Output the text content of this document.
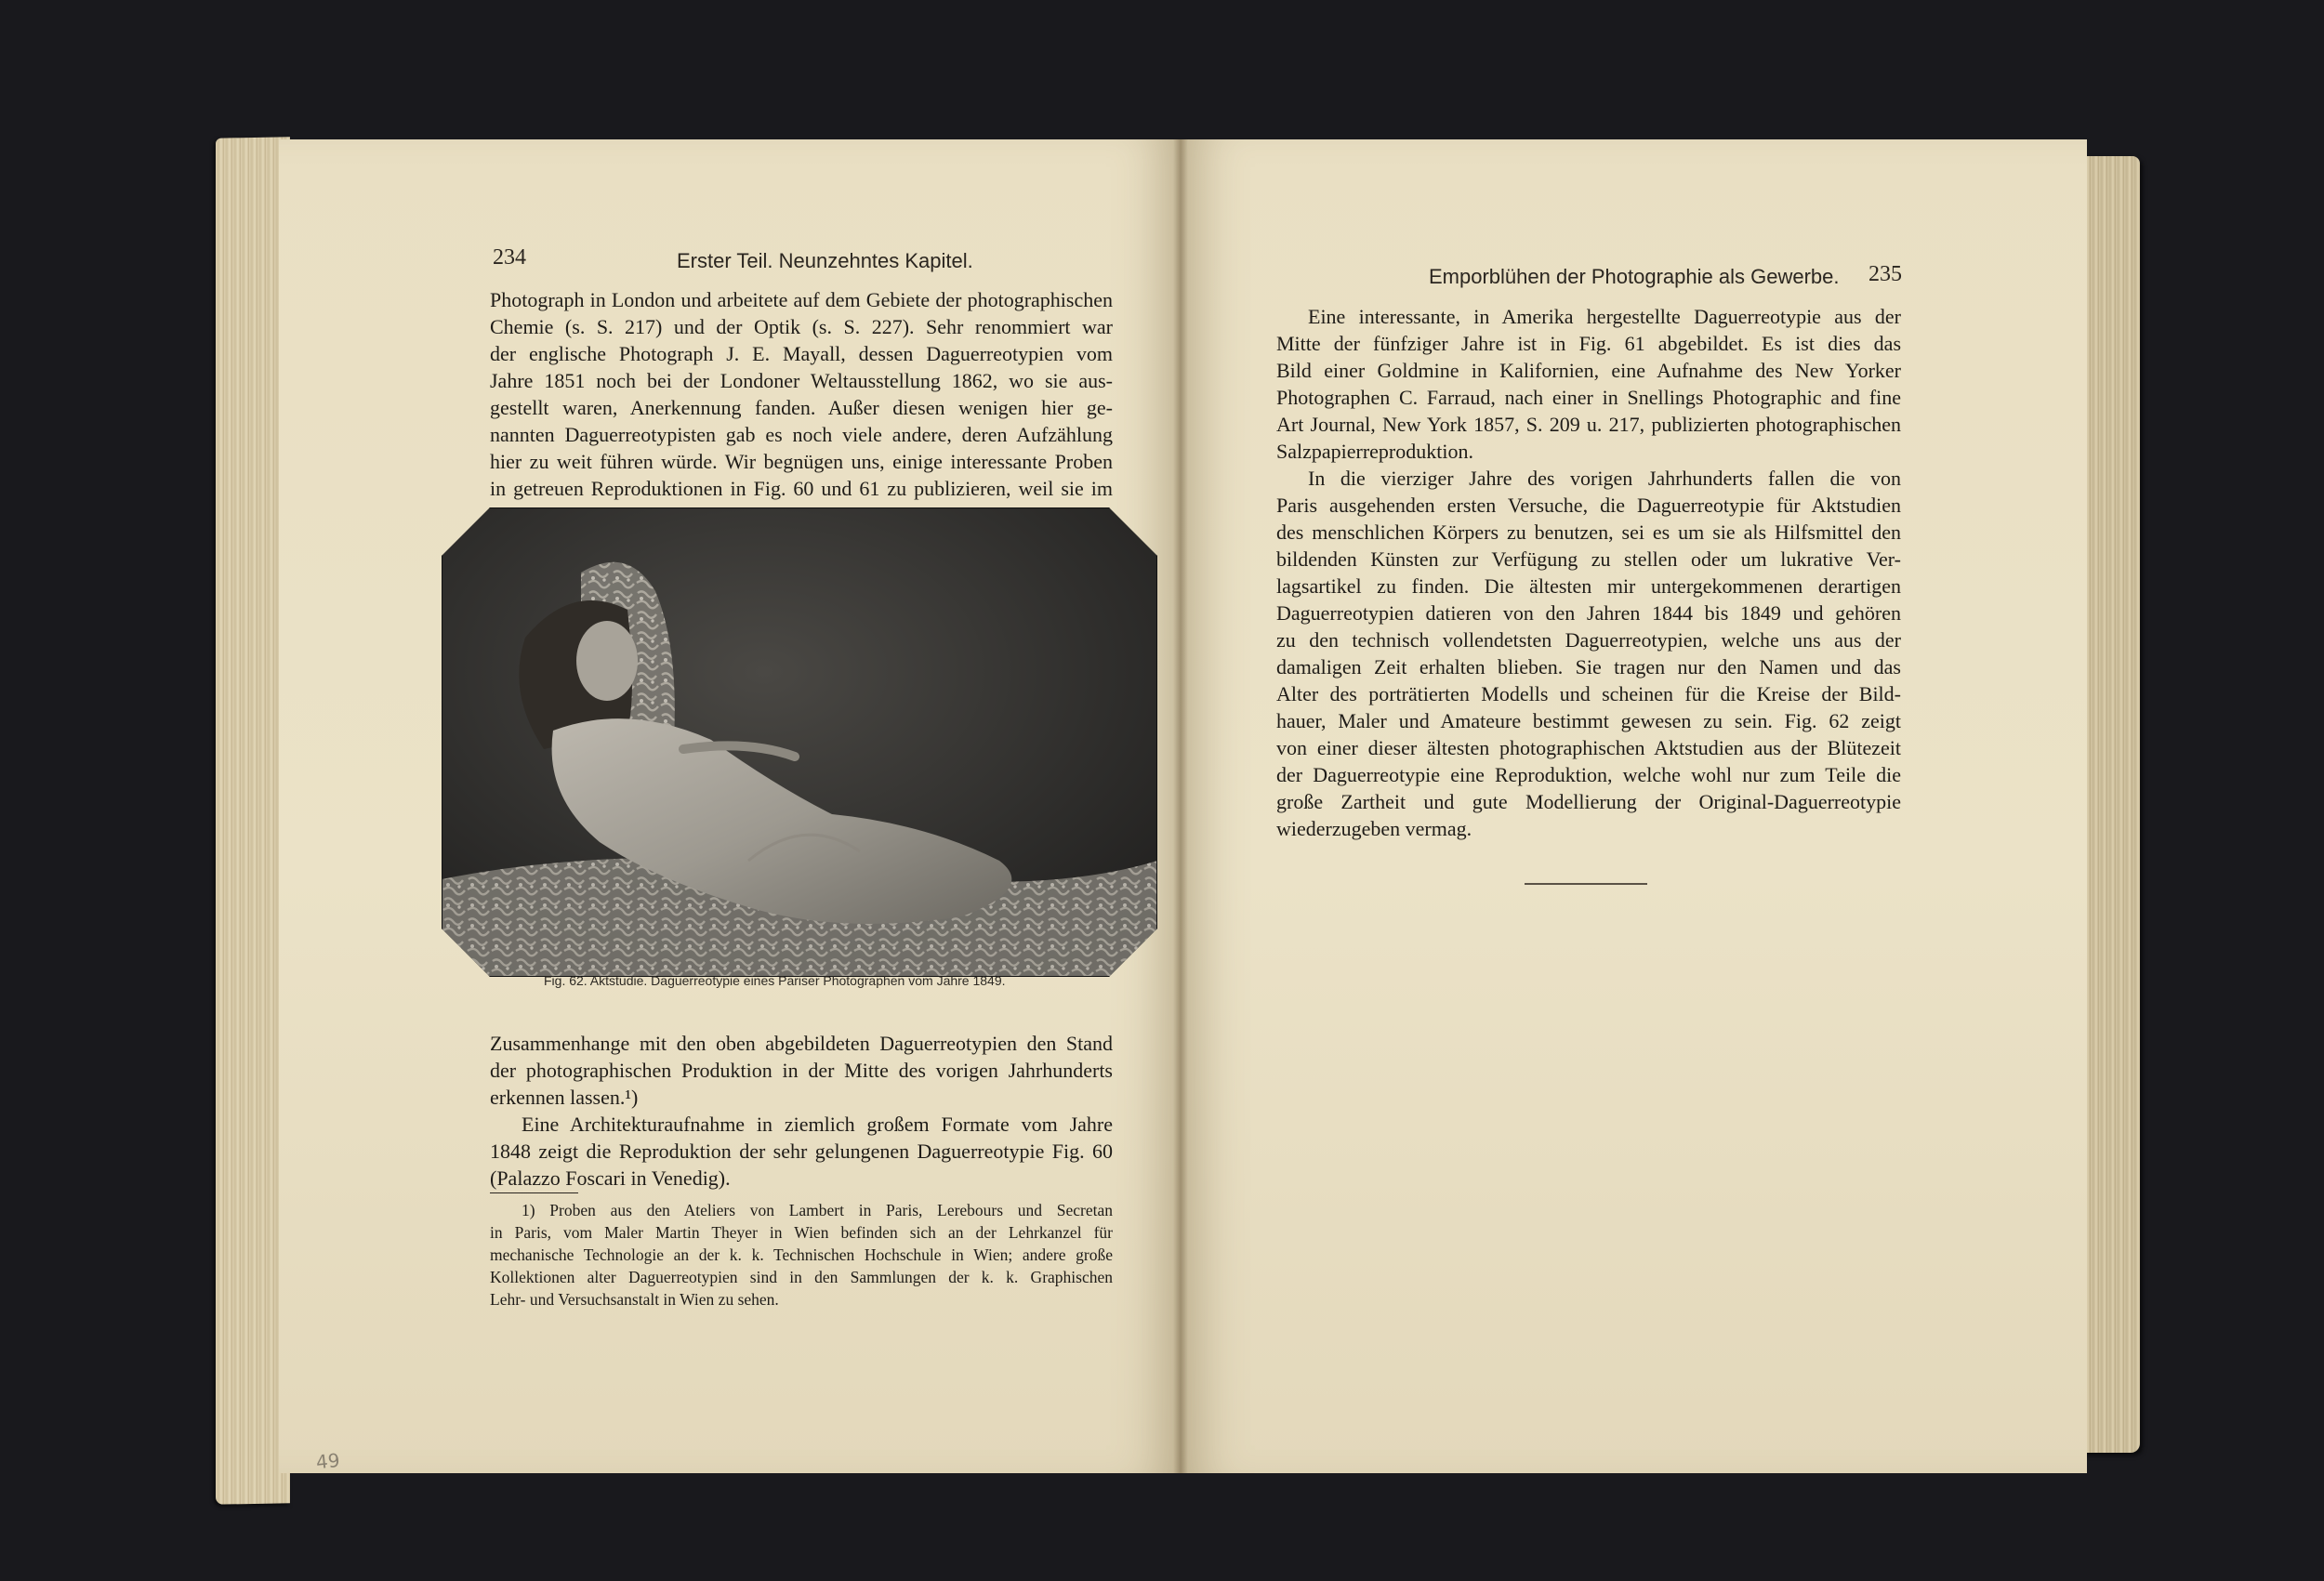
234	Erster Teil. Neunzehntes Kapitel.
Photograph in London und arbeitete auf dem Gebiete der photographischen
Chemie (s. S. 217) und der Optik (s. S. 227). Sehr renommiert war
der englische Photograph J. E. Mayall, dessen Daguerreotypien vom
Jahre 1851 noch bei der Londoner Weltausstellung 1862, wo sie aus-
gestellt waren, Anerkennung fanden. Außer diesen wenigen hier ge-
nannten Daguerreotypisten gab es noch viele andere, deren Aufzählung
hier zu weit führen würde. Wir begnügen uns, einige interessante Proben
in getreuen Reproduktionen in Fig. 60 und 61 zu publizieren, weil sie im
Fig. 62. Aktstudie. Daguerreotypie eines Pariser Photographen vom Jahre 1849.
Zusammenhange mit den oben abgebildeten Daguerreotypien den Stand
der photographischen Produktion in der Mitte des vorigen Jahrhunderts
erkennen lassen.¹)
Eine Architekturaufnahme in ziemlich großem Formate vom Jahre
1848 zeigt die Reproduktion der sehr gelungenen Daguerreotypie Fig. 60
(Palazzo Foscari in Venedig).
1) Proben aus den Ateliers von Lambert in Paris, Lerebours und Secretan
in Paris, vom Maler Martin Theyer in Wien befinden sich an der Lehrkanzel für
mechanische Technologie an der k. k. Technischen Hochschule in Wien; andere große
Kollektionen alter Daguerreotypien sind in den Sammlungen der k. k. Graphischen
Lehr- und Versuchsanstalt in Wien zu sehen.
49
Emporblühen der Photographie als Gewerbe. 235
Eine interessante, in Amerika hergestellte Daguerreotypie aus der
Mitte der fünfziger Jahre ist in Fig. 61 abgebildet. Es ist dies das
Bild einer Goldmine in Kalifornien, eine Aufnahme des New Yorker
Photographen C. Farraud, nach einer in Snellings Photographic and fine
Art Journal, New York 1857, S. 209 u. 217, publizierten photographischen
Salzpapierreproduktion.
In die vierziger Jahre des vorigen Jahrhunderts fallen die von
Paris ausgehenden ersten Versuche, die Daguerreotypie für Aktstudien
des menschlichen Körpers zu benutzen, sei es um sie als Hilfsmittel den
bildenden Künsten zur Verfügung zu stellen oder um lukrative Ver-
lagsartikel zu finden. Die ältesten mir untergekommenen derartigen
Daguerreotypien datieren von den Jahren 1844 bis 1849 und gehören
zu den technisch vollendetsten Daguerreotypien, welche uns aus der
damaligen Zeit erhalten blieben. Sie tragen nur den Namen und das
Alter des porträtierten Modells und scheinen für die Kreise der Bild-
hauer, Maler und Amateure bestimmt gewesen zu sein. Fig. 62 zeigt
von einer dieser ältesten photographischen Aktstudien aus der Blütezeit
der Daguerreotypie eine Reproduktion, welche wohl nur zum Teile die
große Zartheit und gute Modellierung der Original-Daguerreotypie
wiederzugeben vermag.
